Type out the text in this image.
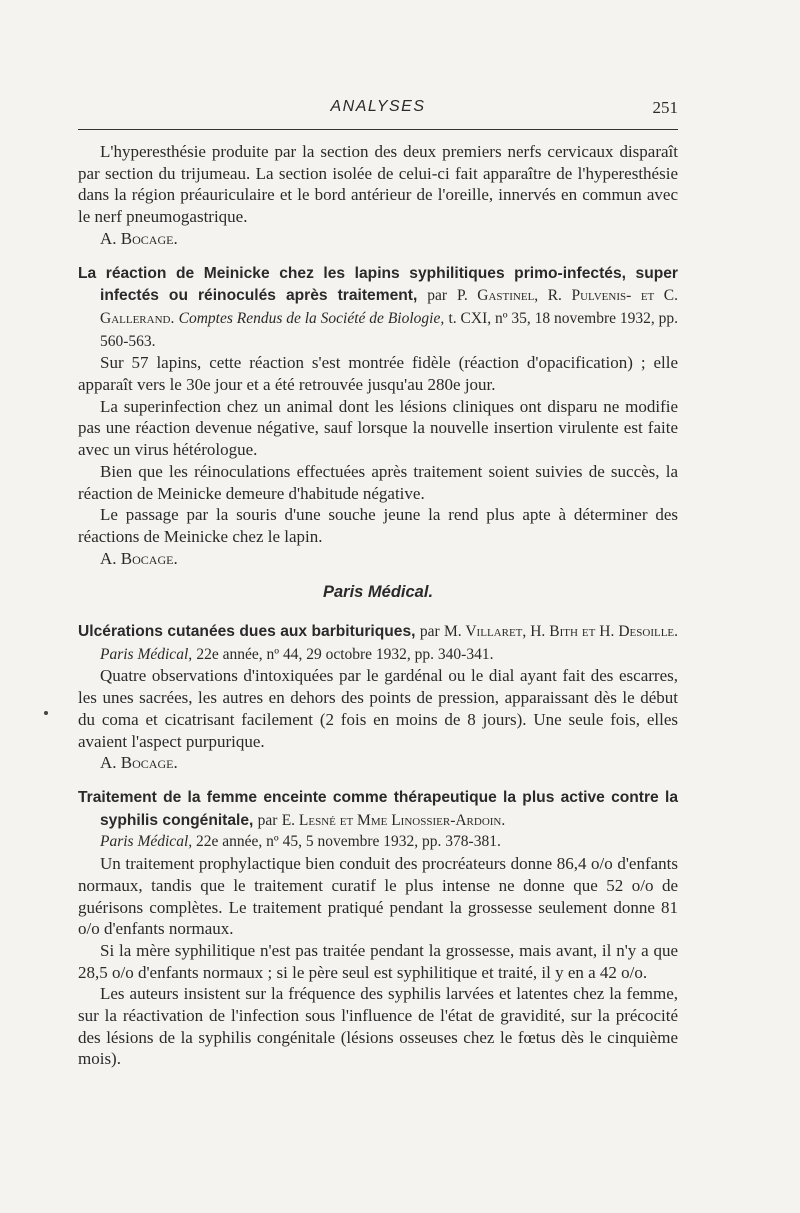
ANALYSES	251

L'hyperesthésie produite par la section des deux premiers nerfs cervicaux disparaît par section du trijumeau. La section isolée de celui-ci fait apparaître de l'hyperesthésie dans la région préauriculaire et le bord antérieur de l'oreille, innervés en commun avec le nerf pneumogastrique.

A. Bocage.

La réaction de Meinicke chez les lapins syphilitiques primo-infectés, super infectés ou réinoculés après traitement, par P. Gastinel, R. Pulvenis- et C. Gallerand. Comptes Rendus de la Société de Biologie, t. CXI, nº 35, 18 novembre 1932, pp. 560-563.

Sur 57 lapins, cette réaction s'est montrée fidèle (réaction d'opacification) ; elle apparaît vers le 30e jour et a été retrouvée jusqu'au 280e jour.

La superinfection chez un animal dont les lésions cliniques ont disparu ne modifie pas une réaction devenue négative, sauf lorsque la nouvelle insertion virulente est faite avec un virus hétérologue.

Bien que les réinoculations effectuées après traitement soient suivies de succès, la réaction de Meinicke demeure d'habitude négative.

Le passage par la souris d'une souche jeune la rend plus apte à déterminer des réactions de Meinicke chez le lapin.

A. Bocage.

Paris Médical.
Ulcérations cutanées dues aux barbituriques, par M. Villaret, H. Bith et H. Desoille. Paris Médical, 22e année, nº 44, 29 octobre 1932, pp. 340-341.

Quatre observations d'intoxiquées par le gardénal ou le dial ayant fait des escarres, les unes sacrées, les autres en dehors des points de pression, apparaissant dès le début du coma et cicatrisant facilement (2 fois en moins de 8 jours). Une seule fois, elles avaient l'aspect purpurique.

A. Bocage.

Traitement de la femme enceinte comme thérapeutique la plus active contre la syphilis congénitale, par E. Lesné et Mme Linossier-Ardoin.
Paris Médical, 22e année, nº 45, 5 novembre 1932, pp. 378-381.

Un traitement prophylactique bien conduit des procréateurs donne 86,4 o/o d'enfants normaux, tandis que le traitement curatif le plus intense ne donne que 52 o/o de guérisons complètes. Le traitement pratiqué pendant la grossesse seulement donne 81 o/o d'enfants normaux.

Si la mère syphilitique n'est pas traitée pendant la grossesse, mais avant, il n'y a que 28,5 o/o d'enfants normaux ; si le père seul est syphilitique et traité, il y en a 42 o/o.

Les auteurs insistent sur la fréquence des syphilis larvées et latentes chez la femme, sur la réactivation de l'infection sous l'influence de l'état de gravidité, sur la précocité des lésions de la syphilis congénitale (lésions osseuses chez le fœtus dès le cinquième mois).
